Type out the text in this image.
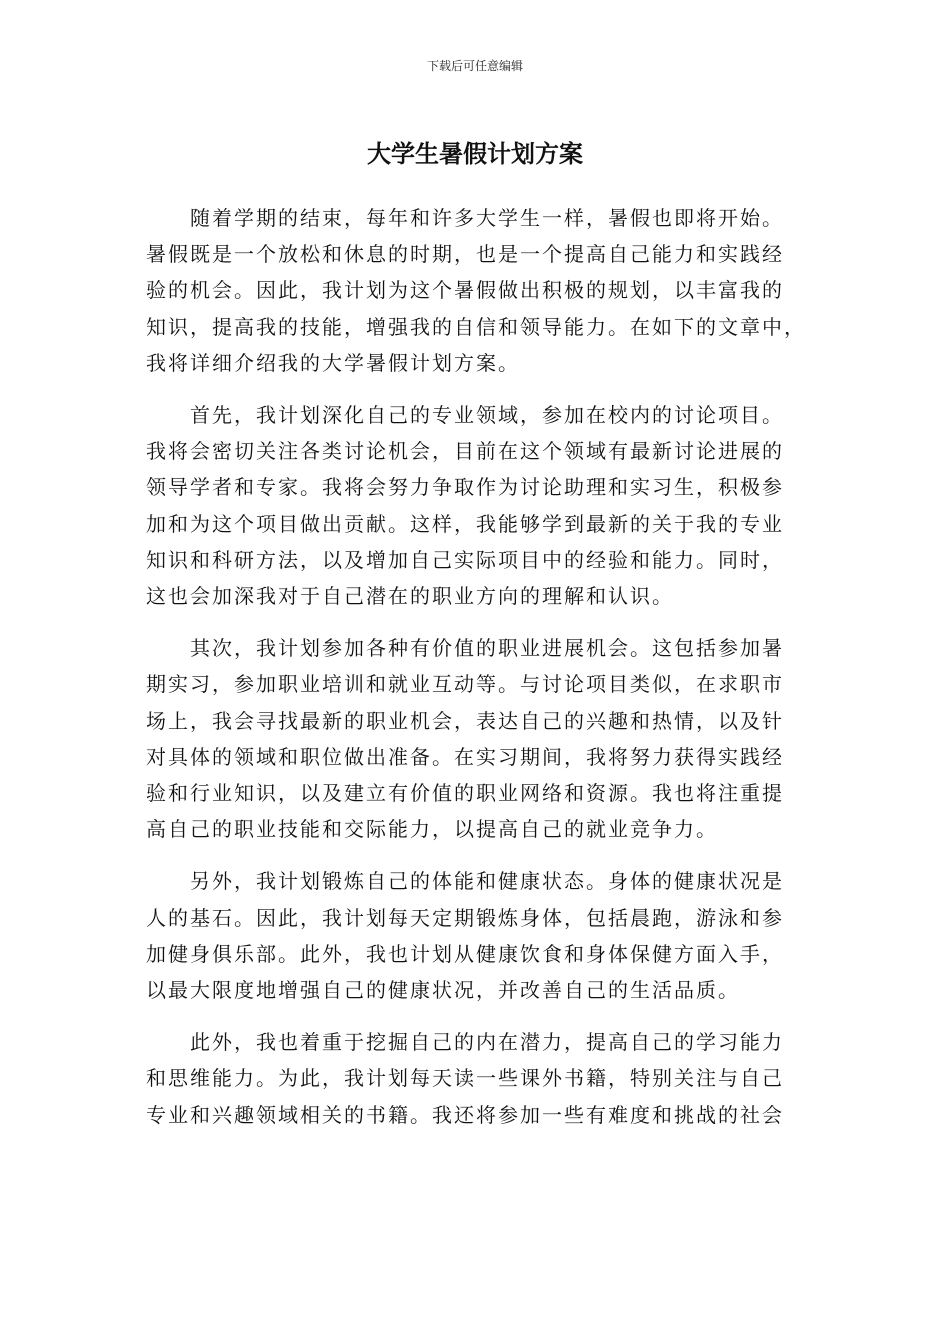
下载后可任意编辑
大学生暑假计划方案

随着学期的结束，每年和许多大学生一样，暑假也即将开始。
暑假既是一个放松和休息的时期，也是一个提高自己能力和实践经
验的机会。因此，我计划为这个暑假做出积极的规划，以丰富我的
知识，提高我的技能，增强我的自信和领导能力。在如下的文章中，
我将详细介绍我的大学暑假计划方案。

首先，我计划深化自己的专业领域，参加在校内的讨论项目。
我将会密切关注各类讨论机会，目前在这个领域有最新讨论进展的
领导学者和专家。我将会努力争取作为讨论助理和实习生，积极参
加和为这个项目做出贡献。这样，我能够学到最新的关于我的专业
知识和科研方法，以及增加自己实际项目中的经验和能力。同时，
这也会加深我对于自己潜在的职业方向的理解和认识。

其次，我计划参加各种有价值的职业进展机会。这包括参加暑
期实习，参加职业培训和就业互动等。与讨论项目类似，在求职市
场上，我会寻找最新的职业机会，表达自己的兴趣和热情，以及针
对具体的领域和职位做出准备。在实习期间，我将努力获得实践经
验和行业知识，以及建立有价值的职业网络和资源。我也将注重提
高自己的职业技能和交际能力，以提高自己的就业竞争力。

另外，我计划锻炼自己的体能和健康状态。身体的健康状况是
人的基石。因此，我计划每天定期锻炼身体，包括晨跑，游泳和参
加健身俱乐部。此外，我也计划从健康饮食和身体保健方面入手，
以最大限度地增强自己的健康状况，并改善自己的生活品质。

此外，我也着重于挖掘自己的内在潜力，提高自己的学习能力
和思维能力。为此，我计划每天读一些课外书籍，特别关注与自己
专业和兴趣领域相关的书籍。我还将参加一些有难度和挑战的社会
